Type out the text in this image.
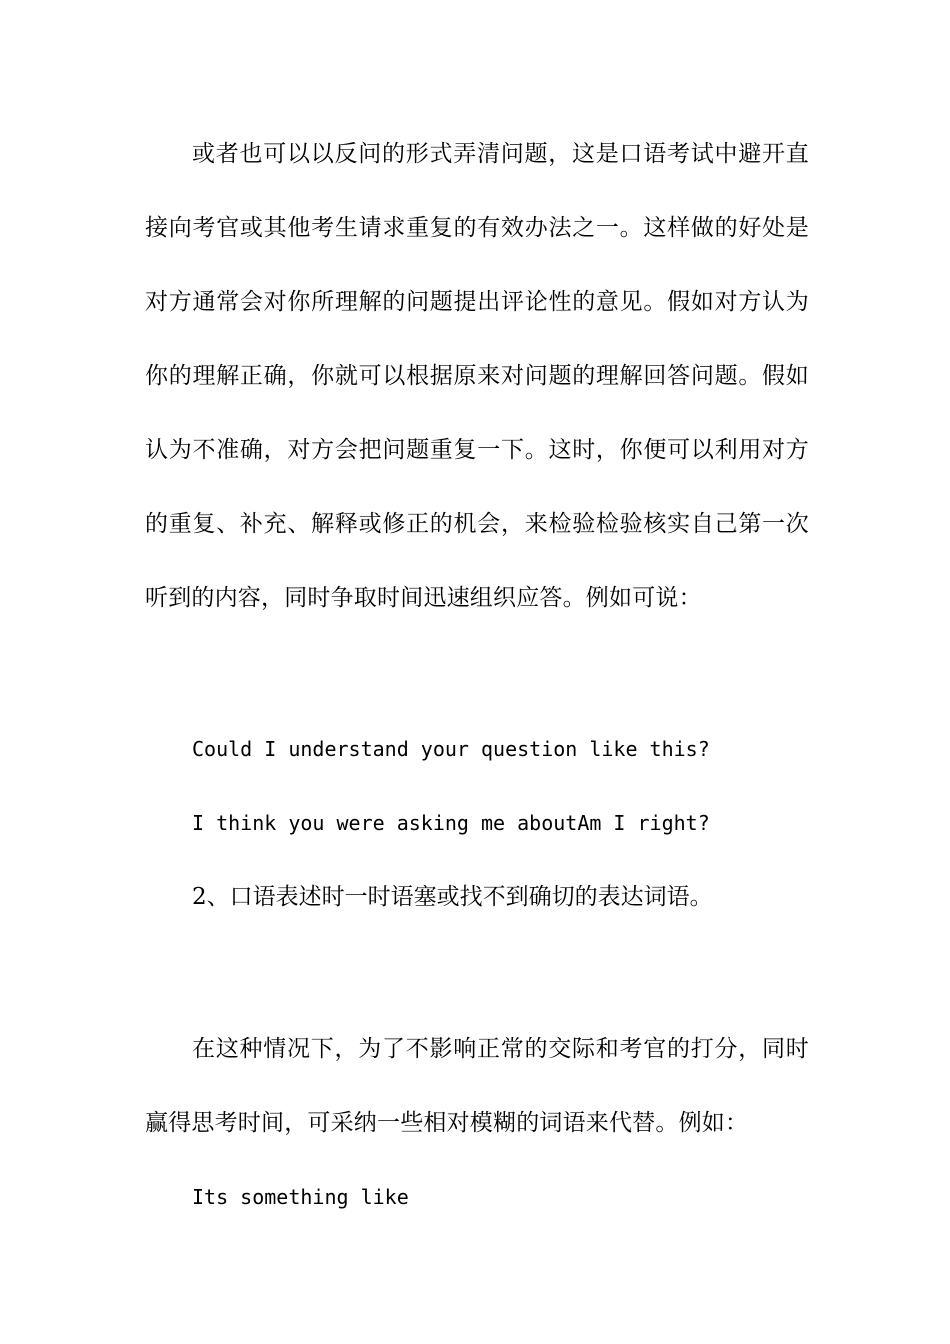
或者也可以以反问的形式弄清问题，这是口语考试中避开直接向考官或其他考生请求重复的有效办法之一。这样做的好处是对方通常会对你所理解的问题提出评论性的意见。假如对方认为你的理解正确，你就可以根据原来对问题的理解回答问题。假如认为不准确，对方会把问题重复一下。这时，你便可以利用对方的重复、补充、解释或修正的机会，来检验检验核实自己第一次听到的内容，同时争取时间迅速组织应答。例如可说：

Could I understand your question like this?

I think you were asking me aboutAm I right?

2、口语表述时一时语塞或找不到确切的表达词语。

在这种情况下，为了不影响正常的交际和考官的打分，同时赢得思考时间，可采纳一些相对模糊的词语来代替。例如：

Its something like
